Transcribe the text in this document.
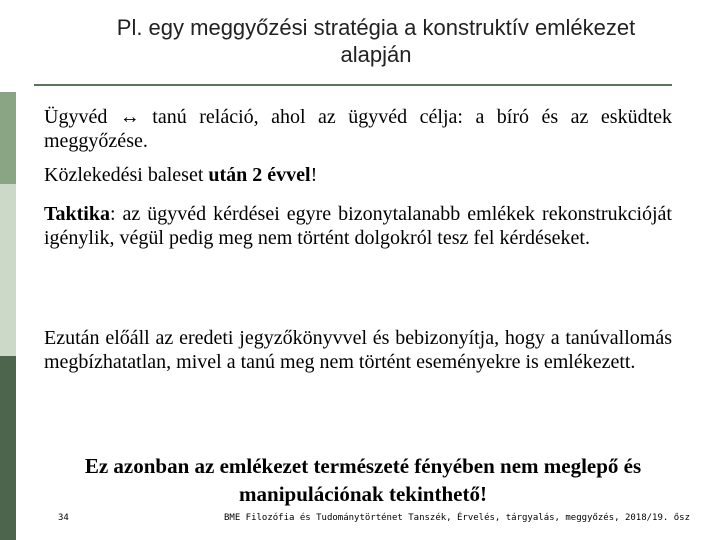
Pl. egy meggyőzési stratégia a konstruktív emlékezet alapján
Ügyvéd ↔ tanú reláció, ahol az ügyvéd célja: a bíró és az esküdtek meggyőzése.
Közlekedési baleset után 2 évvel!
Taktika: az ügyvéd kérdései egyre bizonytalanabb emlékek rekonstrukcióját igénylik, végül pedig meg nem történt dolgokról tesz fel kérdéseket.
Ezután előáll az eredeti jegyzőkönyvvel és bebizonyítja, hogy a tanúvallomás megbízhatatlan, mivel a tanú meg nem történt eseményekre is emlékezett.
Ez azonban az emlékezet természeté fényében nem meglepő és manipulációnak tekinthető!
34	BME Filozófia és Tudománytörténet Tanszék, Érvelés, tárgyalás, meggyőzés, 2018/19. ősz
